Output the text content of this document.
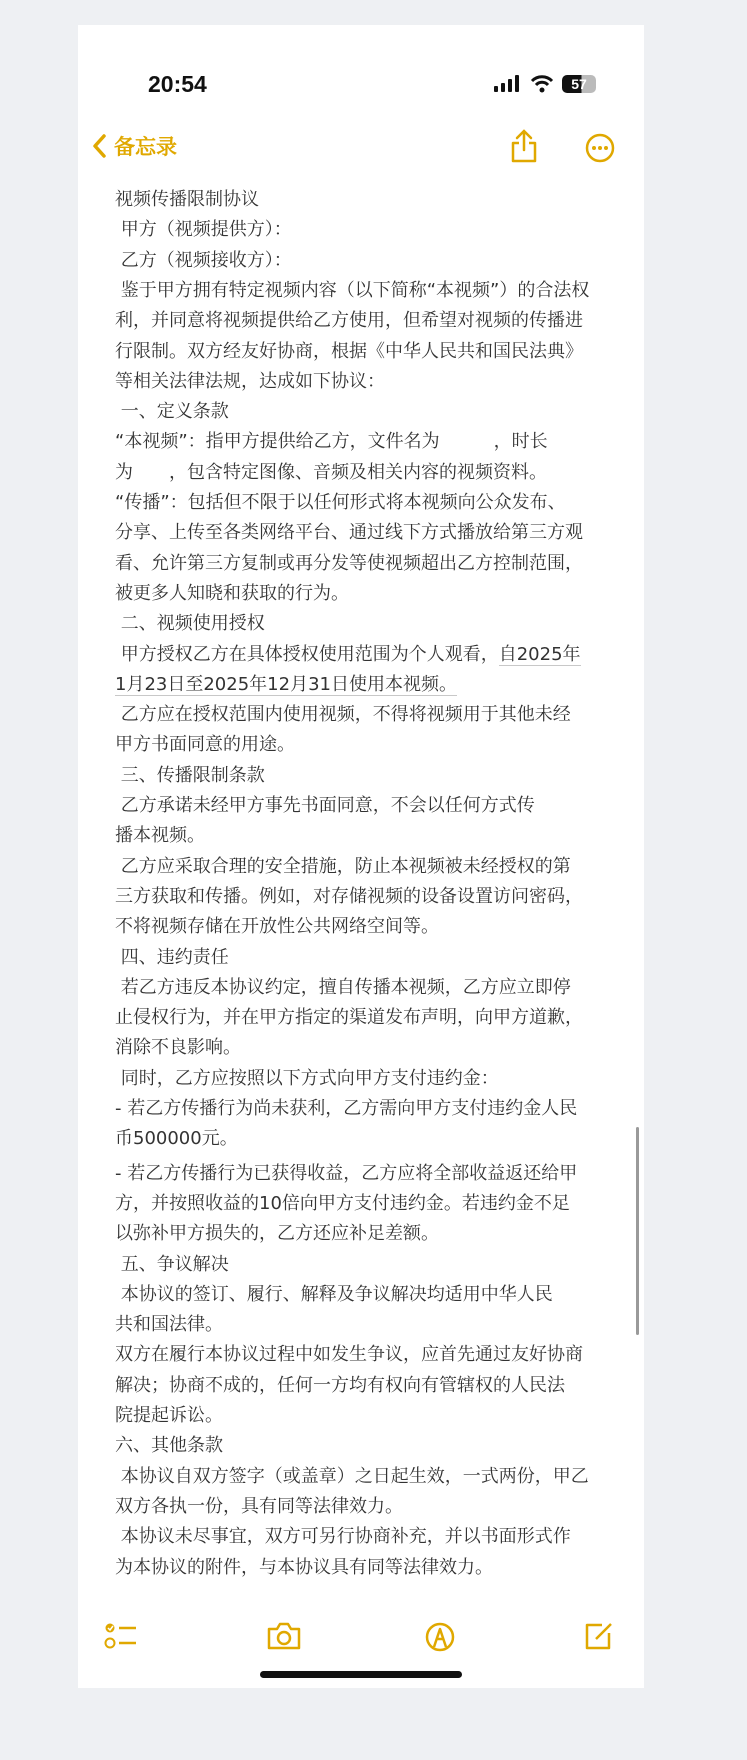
20:54	57
备忘录
视频传播限制协议
甲方（视频提供方）：
乙方（视频接收方）：
鉴于甲方拥有特定视频内容（以下简称“本视频”）的合法权
利，并同意将视频提供给乙方使用，但希望对视频的传播进
行限制。双方经友好协商，根据《中华人民共和国民法典》
等相关法律法规，达成如下协议：
一、定义条款
“本视频”：指甲方提供给乙方，文件名为　　　，时长
为　　，包含特定图像、音频及相关内容的视频资料。
“传播”：包括但不限于以任何形式将本视频向公众发布、
分享、上传至各类网络平台、通过线下方式播放给第三方观
看、允许第三方复制或再分发等使视频超出乙方控制范围，
被更多人知晓和获取的行为。
二、视频使用授权
甲方授权乙方在具体授权使用范围为个人观看，自2025年
1月23日至2025年12月31日使用本视频。
乙方应在授权范围内使用视频，不得将视频用于其他未经
甲方书面同意的用途。
三、传播限制条款
乙方承诺未经甲方事先书面同意，不会以任何方式传
播本视频。
乙方应采取合理的安全措施，防止本视频被未经授权的第
三方获取和传播。例如，对存储视频的设备设置访问密码，
不将视频存储在开放性公共网络空间等。
四、违约责任
若乙方违反本协议约定，擅自传播本视频，乙方应立即停
止侵权行为，并在甲方指定的渠道发布声明，向甲方道歉，
消除不良影响。
同时，乙方应按照以下方式向甲方支付违约金：
- 若乙方传播行为尚未获利，乙方需向甲方支付违约金人民
币500000元。
- 若乙方传播行为已获得收益，乙方应将全部收益返还给甲
方，并按照收益的10倍向甲方支付违约金。若违约金不足
以弥补甲方损失的，乙方还应补足差额。
五、争议解决
本协议的签订、履行、解释及争议解决均适用中华人民
共和国法律。
双方在履行本协议过程中如发生争议，应首先通过友好协商
解决；协商不成的，任何一方均有权向有管辖权的人民法
院提起诉讼。
六、其他条款
本协议自双方签字（或盖章）之日起生效，一式两份，甲乙
双方各执一份，具有同等法律效力。
本协议未尽事宜，双方可另行协商补充，并以书面形式作
为本协议的附件，与本协议具有同等法律效力。
